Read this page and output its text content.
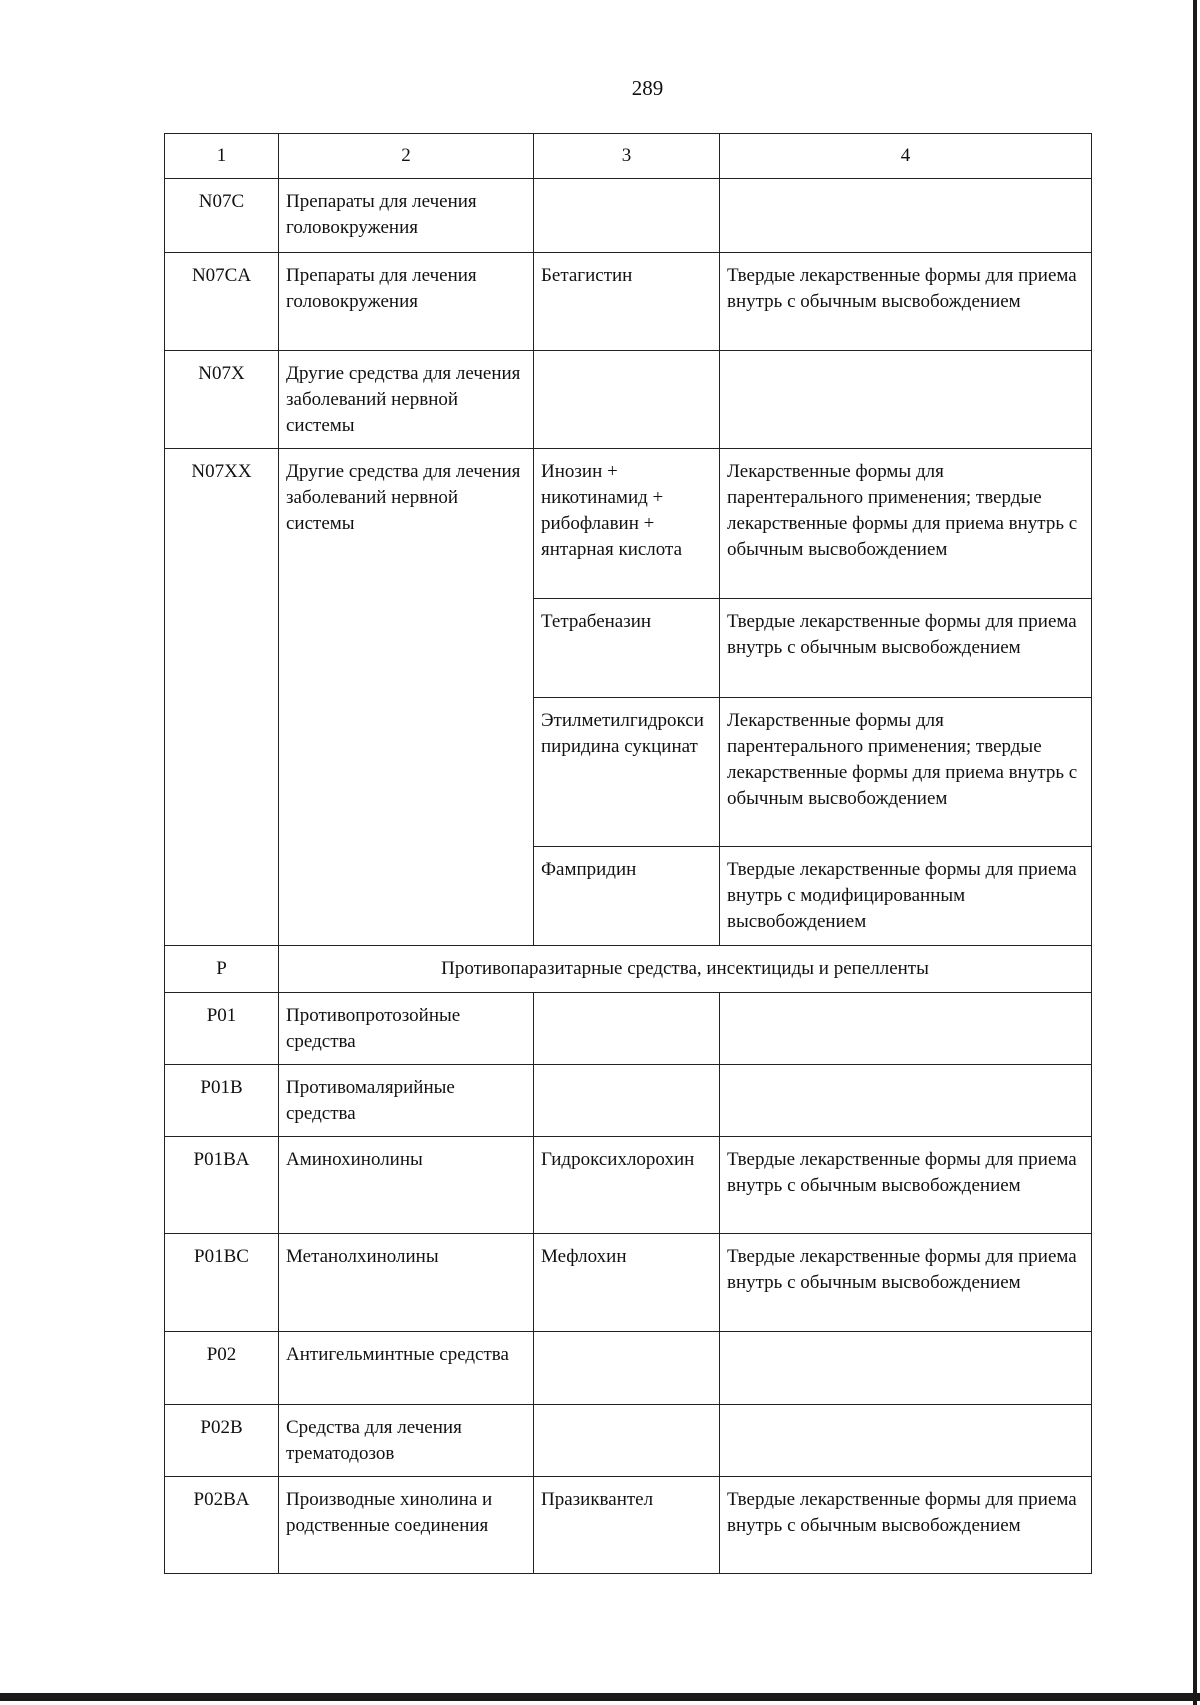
289
1	2	3	4
N07C	Препараты для лечения головокружения		
N07CA	Препараты для лечения головокружения	Бетагистин	Твердые лекарственные формы для приема внутрь с обычным высвобождением
N07X	Другие средства для лечения заболеваний нервной системы		
N07XX	Другие средства для лечения заболеваний нервной системы	Инозин + никотинамид + рибофлавин + янтарная кислота	Лекарственные формы для парентерального применения; твердые лекарственные формы для приема внутрь с обычным высвобождением
		Тетрабеназин	Твердые лекарственные формы для приема внутрь с обычным высвобождением
		Этилметилгидроксипиридина сукцинат	Лекарственные формы для парентерального применения; твердые лекарственные формы для приема внутрь с обычным высвобождением
		Фампридин	Твердые лекарственные формы для приема внутрь с модифицированным высвобождением
P	Противопаразитарные средства, инсектициды и репелленты		
P01	Противопротозойные средства		
P01B	Противомалярийные средства		
P01BA	Аминохинолины	Гидроксихлорохин	Твердые лекарственные формы для приема внутрь с обычным высвобождением
P01BC	Метанолхинолины	Мефлохин	Твердые лекарственные формы для приема внутрь с обычным высвобождением
P02	Антигельминтные средства		
P02B	Средства для лечения трематодозов		
P02BA	Производные хинолина и родственные соединения	Празиквантел	Твердые лекарственные формы для приема внутрь с обычным высвобождением
